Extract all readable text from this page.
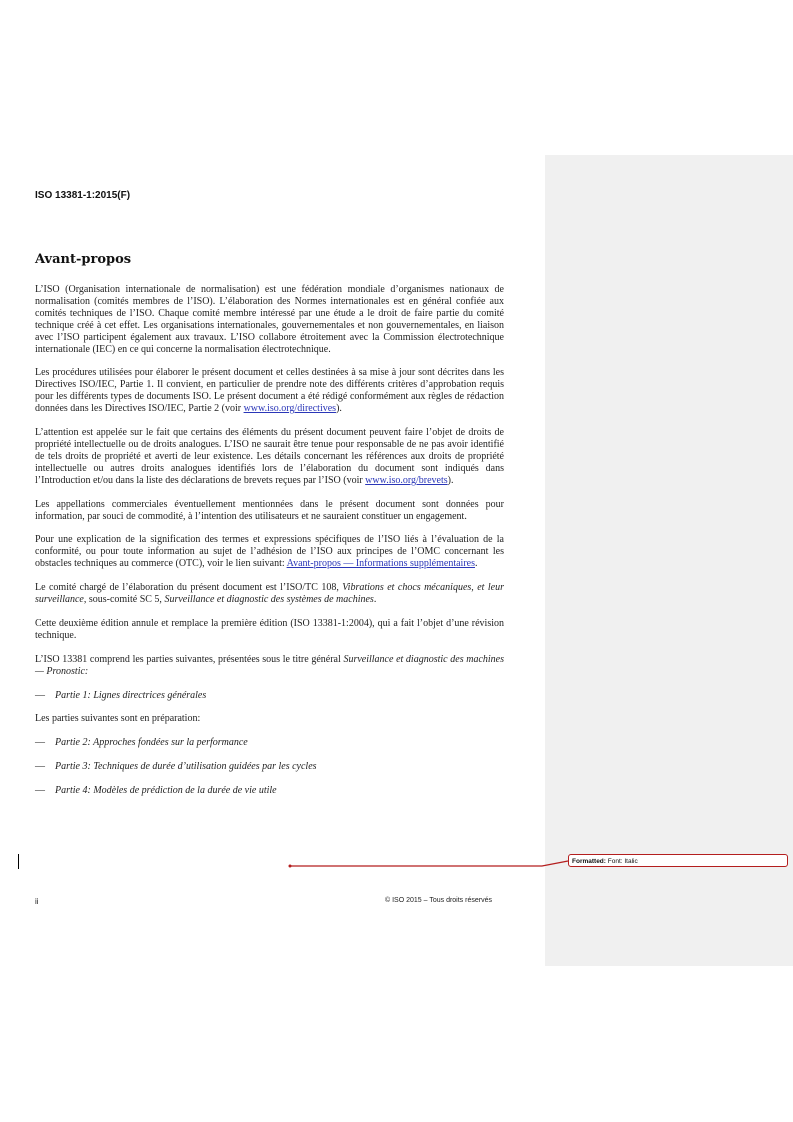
ISO 13381-1:2015(F)
Avant-propos

L’ISO (Organisation internationale de normalisation) est une fédération mondiale d’organismes nationaux de normalisation (comités membres de l’ISO). L’élaboration des Normes internationales est en général confiée aux comités techniques de l’ISO. Chaque comité membre intéressé par une étude a le droit de faire partie du comité technique créé à cet effet. Les organisations internationales, gouvernementales et non gouvernementales, en liaison avec l’ISO participent également aux travaux. L’ISO collabore étroitement avec la Commission électrotechnique internationale (IEC) en ce qui concerne la normalisation électrotechnique.

Les procédures utilisées pour élaborer le présent document et celles destinées à sa mise à jour sont décrites dans les Directives ISO/IEC, Partie 1. Il convient, en particulier de prendre note des différents critères d’approbation requis pour les différents types de documents ISO. Le présent document a été rédigé conformément aux règles de rédaction données dans les Directives ISO/IEC, Partie 2 (voir www.iso.org/directives).

L’attention est appelée sur le fait que certains des éléments du présent document peuvent faire l’objet de droits de propriété intellectuelle ou de droits analogues. L’ISO ne saurait être tenue pour responsable de ne pas avoir identifié de tels droits de propriété et averti de leur existence. Les détails concernant les références aux droits de propriété intellectuelle ou autres droits analogues identifiés lors de l’élaboration du document sont indiqués dans l’Introduction et/ou dans la liste des déclarations de brevets reçues par l’ISO (voir www.iso.org/brevets).

Les appellations commerciales éventuellement mentionnées dans le présent document sont données pour information, par souci de commodité, à l’intention des utilisateurs et ne sauraient constituer un engagement.

Pour une explication de la signification des termes et expressions spécifiques de l’ISO liés à l’évaluation de la conformité, ou pour toute information au sujet de l’adhésion de l’ISO aux principes de l’OMC concernant les obstacles techniques au commerce (OTC), voir le lien suivant: Avant-propos — Informations supplémentaires.

Le comité chargé de l’élaboration du présent document est l’ISO/TC 108, Vibrations et chocs mécaniques, et leur surveillance, sous-comité SC 5, Surveillance et diagnostic des systèmes de machines.

Cette deuxième édition annule et remplace la première édition (ISO 13381-1:2004), qui a fait l’objet d’une révision technique.

L’ISO 13381 comprend les parties suivantes, présentées sous le titre général Surveillance et diagnostic des machines — Pronostic:

— Partie 1: Lignes directrices générales

Les parties suivantes sont en préparation:

— Partie 2: Approches fondées sur la performance

— Partie 3: Techniques de durée d’utilisation guidées par les cycles

— Partie 4: Modèles de prédiction de la durée de vie utile

Formatted: Font: Italic
ii	© ISO 2015 – Tous droits réservés
